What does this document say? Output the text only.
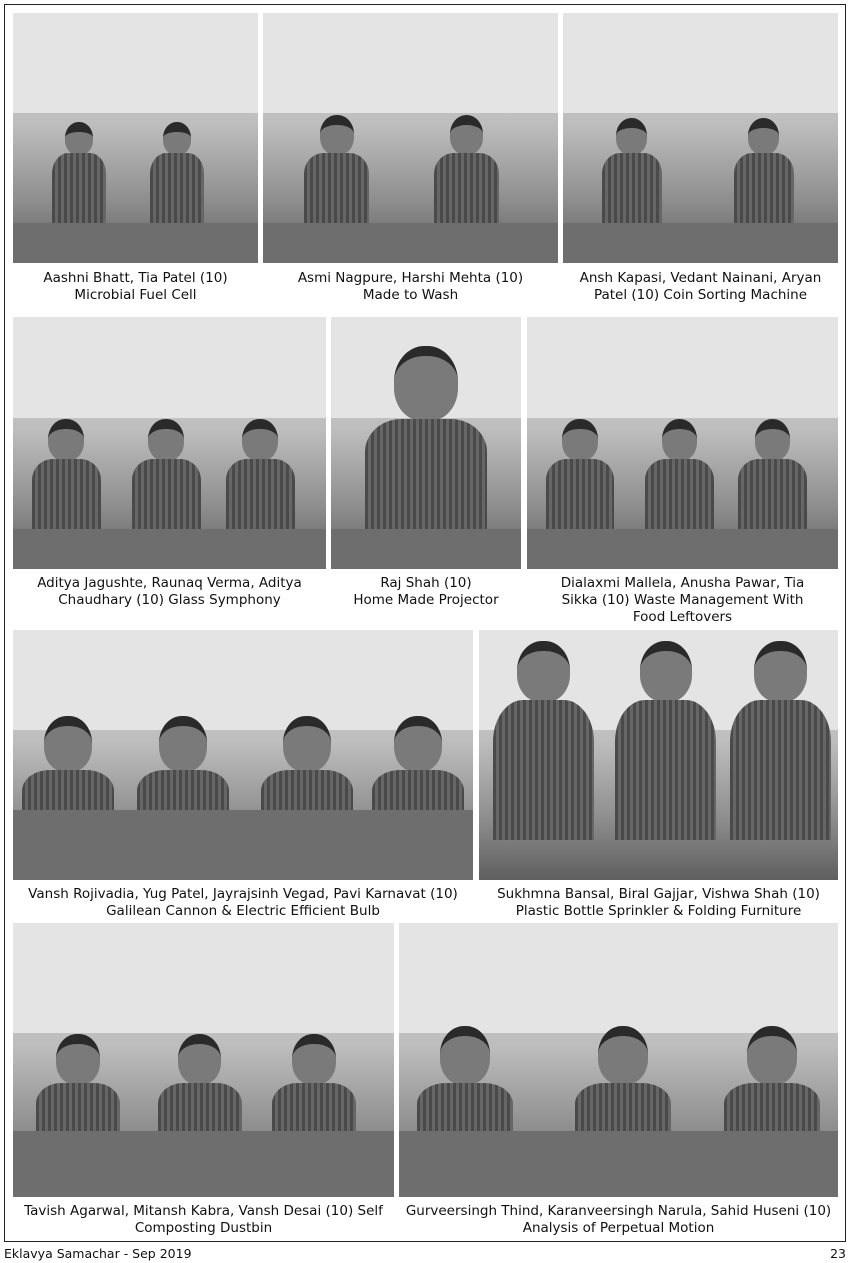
Aashni Bhatt, Tia Patel (10)
Microbial Fuel Cell
Asmi Nagpure, Harshi Mehta (10)
Made to Wash
Ansh Kapasi, Vedant Nainani, Aryan
Patel (10) Coin Sorting Machine
Aditya Jagushte, Raunaq Verma, Aditya
Chaudhary (10) Glass Symphony
Raj Shah (10)
Home Made Projector
Dialaxmi Mallela, Anusha Pawar, Tia
Sikka (10) Waste Management With
Food Leftovers
Vansh Rojivadia, Yug Patel, Jayrajsinh Vegad, Pavi Karnavat (10)
Galilean Cannon & Electric Efficient Bulb
Sukhmna Bansal, Biral Gajjar, Vishwa Shah (10)
Plastic Bottle Sprinkler & Folding Furniture
Tavish Agarwal, Mitansh Kabra, Vansh Desai (10) Self
Composting Dustbin
Gurveersingh Thind, Karanveersingh Narula, Sahid Huseni (10)
Analysis of Perpetual Motion
Eklavya Samachar - Sep 2019	23
